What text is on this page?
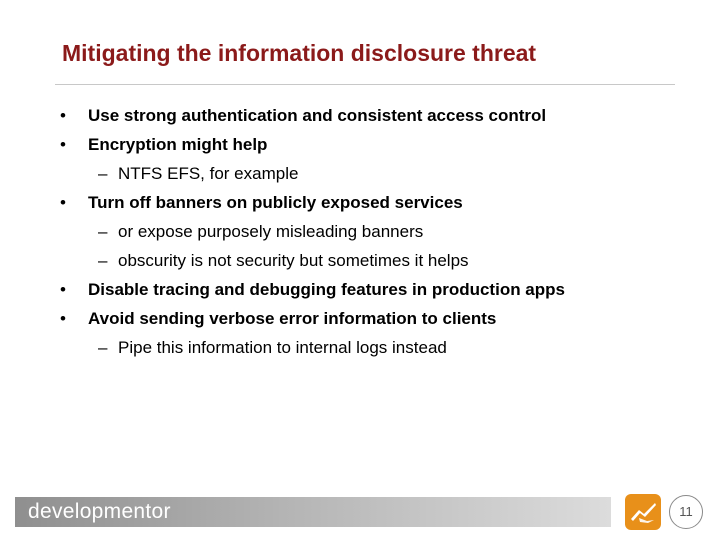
Mitigating the information disclosure threat
• Use strong authentication and consistent access control
• Encryption might help
– NTFS EFS, for example
• Turn off banners on publicly exposed services
– or expose purposely misleading banners
– obscurity is not security but sometimes it helps
• Disable tracing and debugging features in production apps
• Avoid sending verbose error information to clients
– Pipe this information to internal logs instead
developmentor	11
